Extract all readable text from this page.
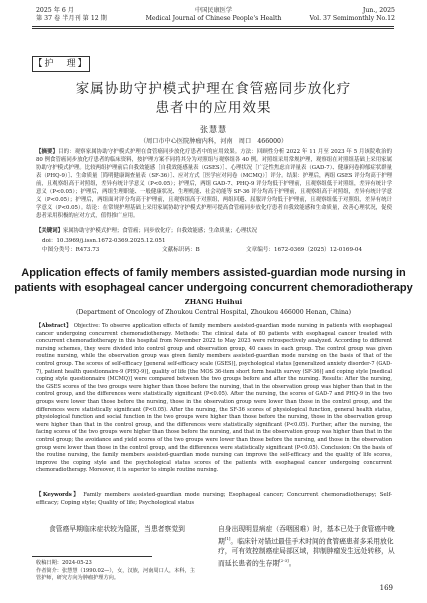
2025 年 6 月
第 37 卷 半月刊 第 12 期
中国民康医学
Medical Journal of Chinese People's Health
Jun., 2025
Vol. 37 Semimonthly No.12
【护　理】
家属协助守护模式护理在食管癌同步放化疗
患者中的应用效果
张慧慧
（周口市中心医院肿瘤内科，河南　周口　466000）
【摘要】目的：观察家属协助守护模式护理在食管癌同步放化疗患者中的应用效果。方法：回顾性分析 2022 年 11 月至 2023 年 5 月该院收治的 80 例食管癌同步放化疗患者的临床资料，按护理方案不同将其分为对照组与观察组各 40 例。对照组采用常规护理，观察组在对照组基础上采用家属协助守护模式护理。比较两组护理前后自我效能感［自我效能感量表（GSES）］、心理状况［广泛性焦虑自评量表（GAD-7）、健康问卷抑郁症状群量表（PHQ-9）］、生命质量［简明健康调查量表（SF-36）］、应对方式［医学应对问卷（MCMQ）］评分。结果：护理后，两组 GSES 评分均高于护理前，且观察组高于对照组，差异有统计学意义（P<0.05）；护理后，两组 GAD-7、PHQ-9 评分均低于护理前，且观察组低于对照组，差异有统计学意义（P<0.05）；护理后，两组生理职能、一般健康状况、生理机能、社会功能等 SF-36 评分均高于护理前，且观察组高于对照组，差异有统计学意义（P<0.05）；护理后，两组面对评分均高于护理前，且观察组高于对照组，两组回避、屈服评分均低于护理前，且观察组低于对照组，差异有统计学意义（P<0.05）。结论：在常规护理基础上采用家属协助守护模式护理可提高食管癌同步放化疗患者自我效能感和生命质量，改善心理状况，促使患者采用积极的应对方式，值得推广应用。
【关键词】家属协助守护模式护理；食管癌；同步放化疗；自我效能感；生命质量；心理状况
doi：10.3969/j.issn.1672-0369.2025.12.051
中图分类号：R473.73	文献标识码：B	文章编号：1672-0369（2025）12-0169-04
Application effects of family members assisted-guardian mode nursing in patients with esophageal cancer undergoing concurrent chemoradiotherapy
ZHANG Huihui
(Department of Oncology of Zhoukou Central Hospital, Zhoukou 466000 Henan, China)
【Abstract】 Objective: To observe application effects of family members assisted-guardian mode nursing in patients with esophageal cancer undergoing concurrent chemoradiotherapy. Methods: The clinical data of 80 patients with esophageal cancer treated with concurrent chemoradiotherapy in this hospital from November 2022 to May 2023 were retrospectively analyzed. According to different nursing schemes, they were divided into control group and observation group, 40 cases in each group. The control group was given routine nursing, while the observation group was given family members assisted-guardian mode nursing on the basis of that of the control group. The scores of self-efficacy [general self-efficacy scale (GSES)], psychological status [generalized anxiety disorder-7 (GAD-7), patient health questionnaire-9 (PHQ-9)], quality of life [the MOS 36-item short form health survey (SF-36)] and coping style [medical coping style questionnaire (MCMQ)] were compared between the two groups before and after the nursing. Results: After the nursing, the GSES scores of the two groups were higher than those before the nursing, that in the observation group was higher than that in the control group, and the differences were statistically significant (P<0.05). After the nursing, the scores of GAD-7 and PHQ-9 in the two groups were lower than those before the nursing, those in the observation group were lower than those in the control group, and the differences were statistically significant (P<0.05). After the nursing, the SF-36 scores of physiological function, general health status, physiological function and social function in the two groups were higher than those before the nursing, those in the observation group were higher than that in the control group, and the differences were statistically significant (P<0.05). Further, after the nursing, the facing scores of the two groups were higher than those before the nursing, and that in the observation group was higher than that in the control group; the avoidance and yield scores of the two groups were lower than those before the nursing, and those in the observation group were lower than those in the control group, and the differences were statistically significant (P<0.05). Conclusion: On the basis of the routine nursing, the family members assisted-guardian mode nursing can improve the self-efficacy and the quality of life scores, improve the coping style and the psychological status scores of the patients with esophageal cancer undergoing concurrent chemoradiotherapy. Moreover, it is superior to simple routine nursing.
【Keywords】 Family members assisted-guardian mode nursing; Esophageal cancer; Concurrent chemoradiotherapy; Self-efficacy; Coping style; Quality of life; Psychological status
食管癌早期临床症状较为隐匿，当患者察觉到	自身出现明显病症（吞咽困难）时，基本已处于食管癌中晚期[1]。临床针对错过最佳手术时间的食管癌患者多采用放化疗，可有效控制癌症局部区域，抑制肿瘤发生远处转移，从而延长患者的生存期[2-3]。
收稿日期：2024-05-23
作者简介：张慧慧（1990.02—），女，汉族，河南周口人，本科，主管护师，研究方向为肿瘤护理方向。
169
